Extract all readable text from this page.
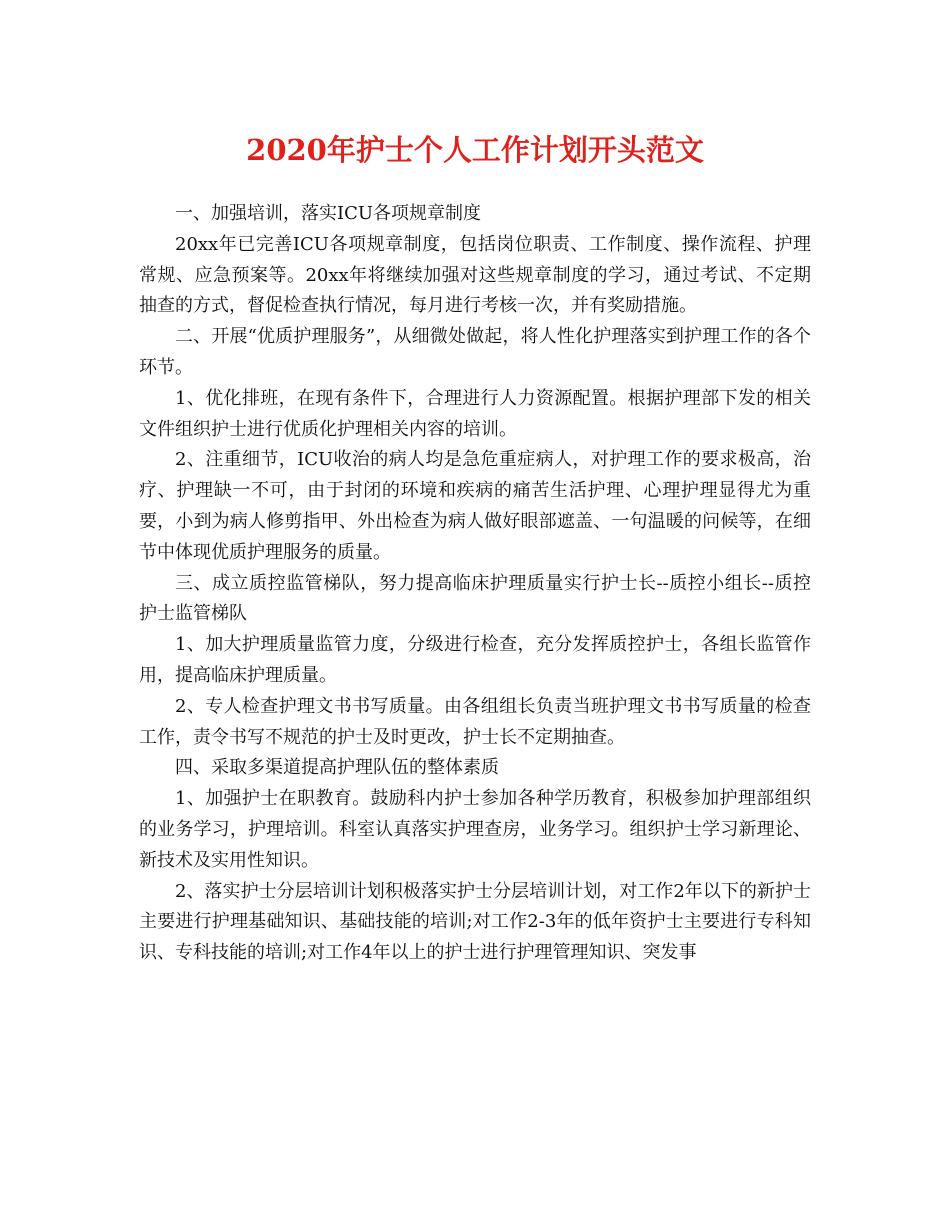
2020年护士个人工作计划开头范文

一、加强培训，落实ICU各项规章制度

20xx年已完善ICU各项规章制度，包括岗位职责、工作制度、操作流程、护理常规、应急预案等。20xx年将继续加强对这些规章制度的学习，通过考试、不定期抽查的方式，督促检查执行情况，每月进行考核一次，并有奖励措施。

二、开展“优质护理服务”，从细微处做起，将人性化护理落实到护理工作的各个环节。

1、优化排班，在现有条件下，合理进行人力资源配置。根据护理部下发的相关文件组织护士进行优质化护理相关内容的培训。

2、注重细节，ICU收治的病人均是急危重症病人，对护理工作的要求极高，治疗、护理缺一不可，由于封闭的环境和疾病的痛苦生活护理、心理护理显得尤为重要，小到为病人修剪指甲、外出检查为病人做好眼部遮盖、一句温暖的问候等，在细节中体现优质护理服务的质量。

三、成立质控监管梯队，努力提高临床护理质量实行护士长--质控小组长--质控护士监管梯队

1、加大护理质量监管力度，分级进行检查，充分发挥质控护士，各组长监管作用，提高临床护理质量。

2、专人检查护理文书书写质量。由各组组长负责当班护理文书书写质量的检查工作，责令书写不规范的护士及时更改，护士长不定期抽查。

四、采取多渠道提高护理队伍的整体素质

1、加强护士在职教育。鼓励科内护士参加各种学历教育，积极参加护理部组织的业务学习，护理培训。科室认真落实护理查房，业务学习。组织护士学习新理论、新技术及实用性知识。

2、落实护士分层培训计划积极落实护士分层培训计划，对工作2年以下的新护士主要进行护理基础知识、基础技能的培训;对工作2-3年的低年资护士主要进行专科知识、专科技能的培训;对工作4年以上的护士进行护理管理知识、突发事
